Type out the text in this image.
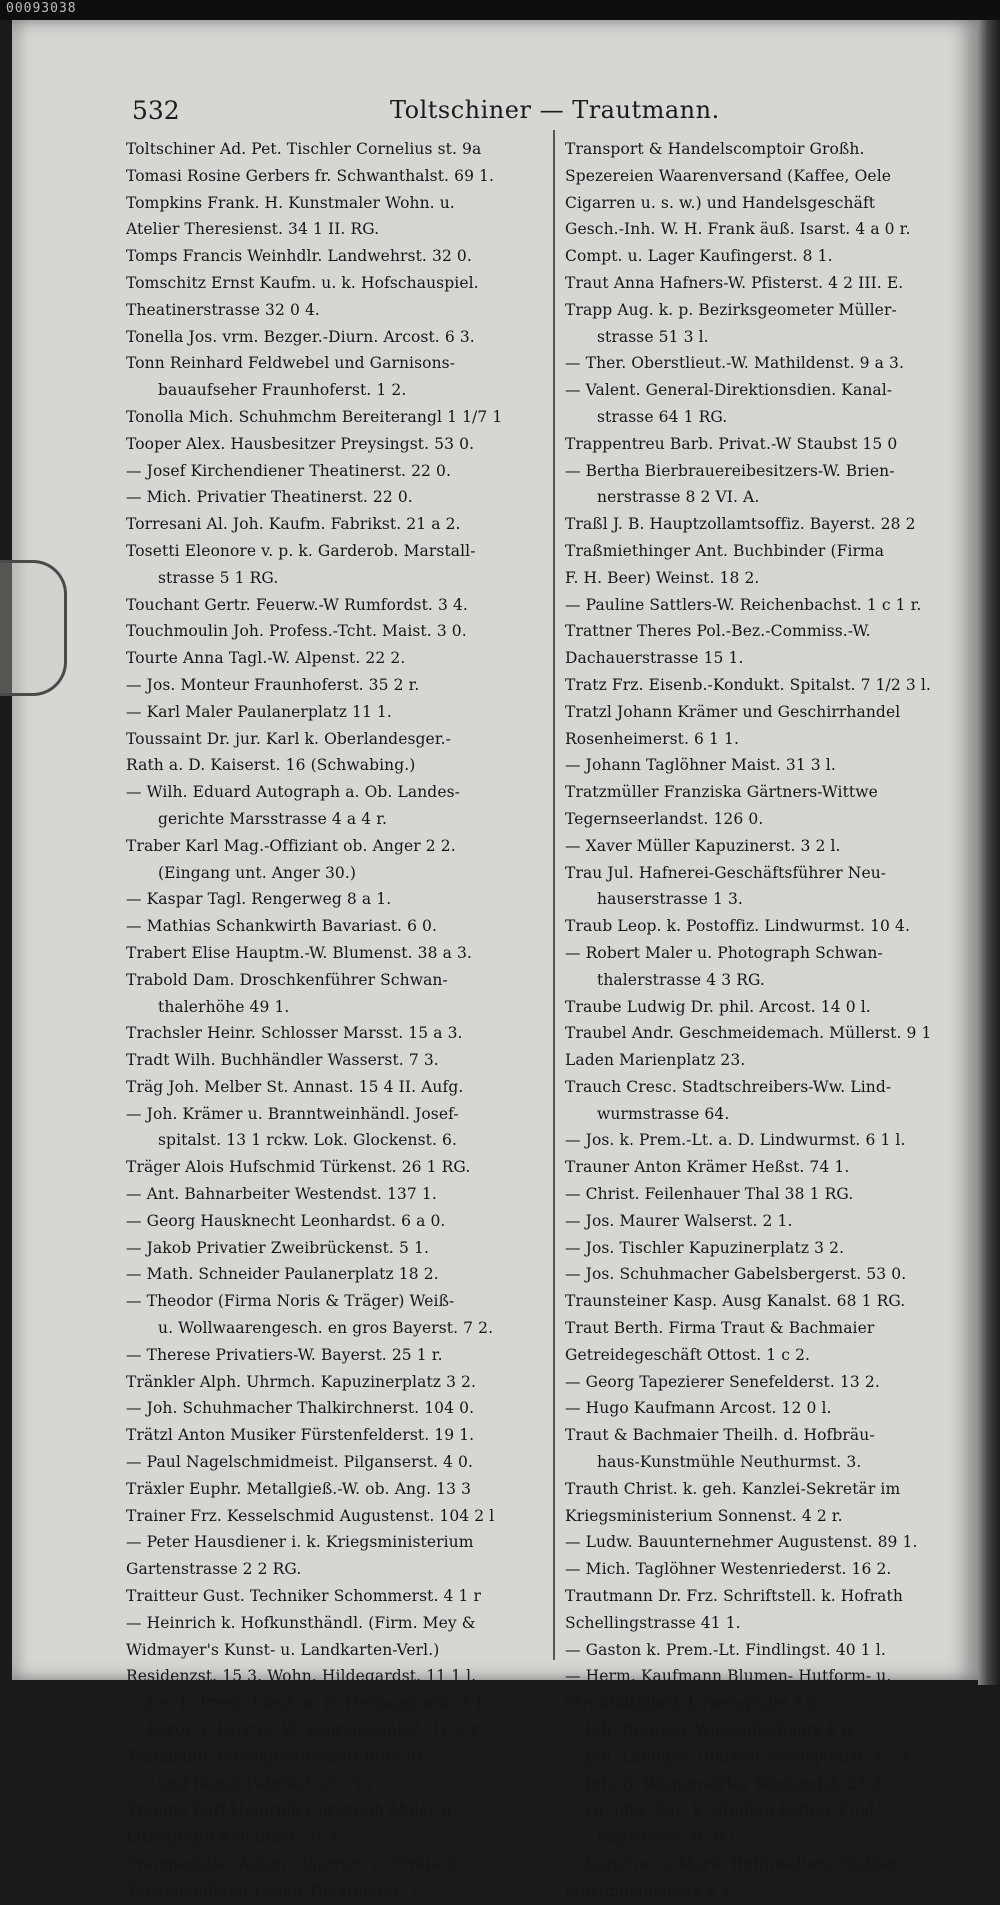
00093038
532	Toltschiner — Trautmann.
Toltschiner Ad. Pet. Tischler Cornelius st. 9a
Tomasi Rosine Gerbers fr. Schwanthalst. 69 1.
Tompkins Frank. H. Kunstmaler Wohn. u.
Atelier Theresienst. 34 1 II. RG.
Tomps Francis Weinhdlr. Landwehrst. 32 0.
Tomschitz Ernst Kaufm. u. k. Hofschauspiel.
Theatinerstrasse 32 0 4.
Tonella Jos. vrm. Bezger.-Diurn. Arcost. 6 3.
Tonn Reinhard Feldwebel und Garnisons-
bauaufseher Fraunhoferst. 1 2.
Tonolla Mich. Schuhmchm Bereiterangl 1 1/7 1
Tooper Alex. Hausbesitzer Preysingst. 53 0.
— Josef Kirchendiener Theatinerst. 22 0.
— Mich. Privatier Theatinerst. 22 0.
Torresani Al. Joh. Kaufm. Fabrikst. 21 a 2.
Tosetti Eleonore v. p. k. Garderob. Marstall-
strasse 5 1 RG.
Touchant Gertr. Feuerw.-W Rumfordst. 3 4.
Touchmoulin Joh. Profess.-Tcht. Maist. 3 0.
Tourte Anna Tagl.-W. Alpenst. 22 2.
— Jos. Monteur Fraunhoferst. 35 2 r.
— Karl Maler Paulanerplatz 11 1.
Toussaint Dr. jur. Karl k. Oberlandesger.-
Rath a. D. Kaiserst. 16 (Schwabing.)
— Wilh. Eduard Autograph a. Ob. Landes-
gerichte Marsstrasse 4 a 4 r.
Traber Karl Mag.-Offiziant ob. Anger 2 2.
(Eingang unt. Anger 30.)
— Kaspar Tagl. Rengerweg 8 a 1.
— Mathias Schankwirth Bavariast. 6 0.
Trabert Elise Hauptm.-W. Blumenst. 38 a 3.
Trabold Dam. Droschkenführer Schwan-
thalerhöhe 49 1.
Trachsler Heinr. Schlosser Marsst. 15 a 3.
Tradt Wilh. Buchhändler Wasserst. 7 3.
Träg Joh. Melber St. Annast. 15 4 II. Aufg.
— Joh. Krämer u. Branntweinhändl. Josef-
spitalst. 13 1 rckw. Lok. Glockenst. 6.
Träger Alois Hufschmid Türkenst. 26 1 RG.
— Ant. Bahnarbeiter Westendst. 137 1.
— Georg Hausknecht Leonhardst. 6 a 0.
— Jakob Privatier Zweibrückenst. 5 1.
— Math. Schneider Paulanerplatz 18 2.
— Theodor (Firma Noris & Träger) Weiß-
u. Wollwaarengesch. en gros Bayerst. 7 2.
— Therese Privatiers-W. Bayerst. 25 1 r.
Tränkler Alph. Uhrmch. Kapuzinerplatz 3 2.
— Joh. Schuhmacher Thalkirchnerst. 104 0.
Trätzl Anton Musiker Fürstenfelderst. 19 1.
— Paul Nagelschmidmeist. Pilganserst. 4 0.
Träxler Euphr. Metallgieß.-W. ob. Ang. 13 3
Trainer Frz. Kesselschmid Augustenst. 104 2 l
— Peter Hausdiener i. k. Kriegsministerium
Gartenstrasse 2 2 RG.
Traitteur Gust. Techniker Schommerst. 4 1 r
— Heinrich k. Hofkunsthändl. (Firm. Mey &
Widmayer's Kunst- u. Landkarten-Verl.)
Residenzst. 15 3. Wohn. Hildegardst. 11 1 l.
— Jos. k. Prem.-Lieut. a. D. Herzogmarst. 3 1.
— Karol. v. Forstm.-W. Schraudolphst. 10 2 r.
Trambahn-Actiengesellschaft Bureau
und Depot Fabrikst. 20 (T.)
Trampe Karl Heinrich Christoph Maler u.
Lithograph Königinst. 51 1.
Trampedeller Anton Cigarren- u. türkisch.
Tabakhandlung Laden Theatinerst. 7.
Transport & Handelscomptoir Großh.
Spezereien Waarenversand (Kaffee, Oele
Cigarren u. s. w.) und Handelsgeschäft
Gesch.-Inh. W. H. Frank äuß. Isarst. 4 a 0 r.
Compt. u. Lager Kaufingerst. 8 1.
Traut Anna Hafners-W. Pfisterst. 4 2 III. E.
Trapp Aug. k. p. Bezirksgeometer Müller-
strasse 51 3 l.
— Ther. Oberstlieut.-W. Mathildenst. 9 a 3.
— Valent. General-Direktionsdien. Kanal-
strasse 64 1 RG.
Trappentreu Barb. Privat.-W Staubst 15 0
— Bertha Bierbrauereibesitzers-W. Brien-
nerstrasse 8 2 VI. A.
Traßl J. B. Hauptzollamtsoffiz. Bayerst. 28 2
Traßmiethinger Ant. Buchbinder (Firma
F. H. Beer) Weinst. 18 2.
— Pauline Sattlers-W. Reichenbachst. 1 c 1 r.
Trattner Theres Pol.-Bez.-Commiss.-W.
Dachauerstrasse 15 1.
Tratz Frz. Eisenb.-Kondukt. Spitalst. 7 1/2 3 l.
Tratzl Johann Krämer und Geschirrhandel
Rosenheimerst. 6 1 1.
— Johann Taglöhner Maist. 31 3 l.
Tratzmüller Franziska Gärtners-Wittwe
Tegernseerlandst. 126 0.
— Xaver Müller Kapuzinerst. 3 2 l.
Trau Jul. Hafnerei-Geschäftsführer Neu-
hauserstrasse 1 3.
Traub Leop. k. Postoffiz. Lindwurmst. 10 4.
— Robert Maler u. Photograph Schwan-
thalerstrasse 4 3 RG.
Traube Ludwig Dr. phil. Arcost. 14 0 l.
Traubel Andr. Geschmeidemach. Müllerst. 9 1
Laden Marienplatz 23.
Trauch Cresc. Stadtschreibers-Ww. Lind-
wurmstrasse 64.
— Jos. k. Prem.-Lt. a. D. Lindwurmst. 6 1 l.
Trauner Anton Krämer Heßst. 74 1.
— Christ. Feilenhauer Thal 38 1 RG.
— Jos. Maurer Walserst. 2 1.
— Jos. Tischler Kapuzinerplatz 3 2.
— Jos. Schuhmacher Gabelsbergerst. 53 0.
Traunsteiner Kasp. Ausg Kanalst. 68 1 RG.
Traut Berth. Firma Traut & Bachmaier
Getreidegeschäft Ottost. 1 c 2.
— Georg Tapezierer Senefelderst. 13 2.
— Hugo Kaufmann Arcost. 12 0 l.
Traut & Bachmaier Theilh. d. Hofbräu-
haus-Kunstmühle Neuthurmst. 3.
Trauth Christ. k. geh. Kanzlei-Sekretär im
Kriegsministerium Sonnenst. 4 2 r.
— Ludw. Bauunternehmer Augustenst. 89 1.
— Mich. Taglöhner Westenriederst. 16 2.
Trautmann Dr. Frz. Schriftstell. k. Hofrath
Schellingstrasse 41 1.
— Gaston k. Prem.-Lt. Findlingst. 40 1 l.
— Herm. Kaufmann Blumen- Hutform- u.
Strohhutfabrik Löwengrube 7 2.
— Joh. Bremser Wiesenfeldplatz 4 0.
— Joh. Landger.-Diurnist Josefspitalst. 15 3
— Joh. B. Wagenwärter Westendst. 23 3.
— Dr. phil. Karl k. Studien-Lehrer Find-
lingstrasse 40 0 l.
— Karoline u. Marie Hofjuweliers-Töchter
Maximiliansplatz 2 2.
